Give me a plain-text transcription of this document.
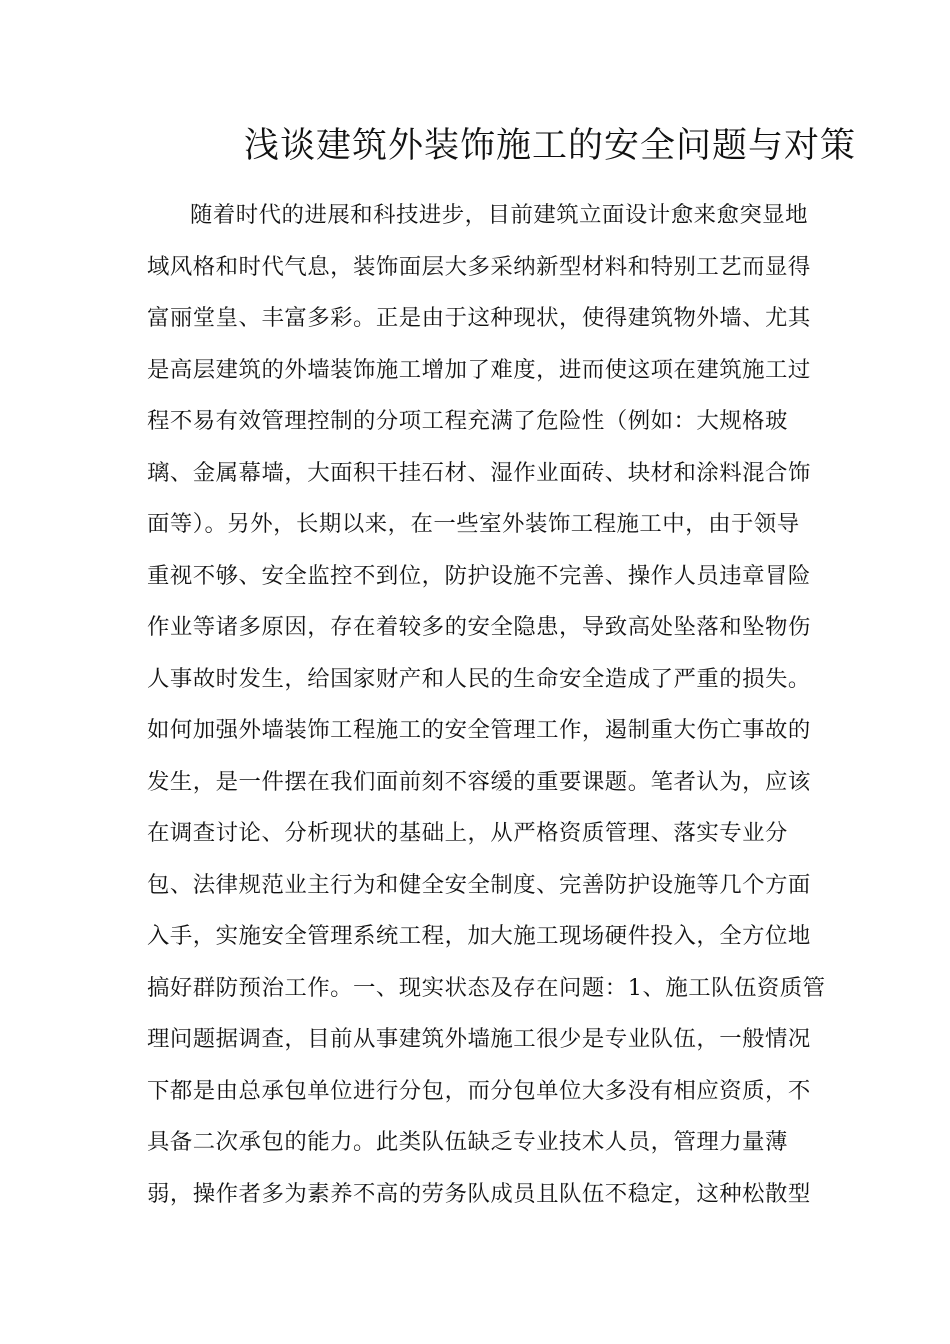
浅谈建筑外装饰施工的安全问题与对策
随着时代的进展和科技进步，目前建筑立面设计愈来愈突显地
域风格和时代气息，装饰面层大多采纳新型材料和特别工艺而显得
富丽堂皇、丰富多彩。正是由于这种现状，使得建筑物外墙、尤其
是高层建筑的外墙装饰施工增加了难度，进而使这项在建筑施工过
程不易有效管理控制的分项工程充满了危险性（例如：大规格玻
璃、金属幕墙，大面积干挂石材、湿作业面砖、块材和涂料混合饰
面等）。另外，长期以来，在一些室外装饰工程施工中，由于领导
重视不够、安全监控不到位，防护设施不完善、操作人员违章冒险
作业等诸多原因，存在着较多的安全隐患，导致高处坠落和坠物伤
人事故时发生，给国家财产和人民的生命安全造成了严重的损失。
如何加强外墙装饰工程施工的安全管理工作，遏制重大伤亡事故的
发生，是一件摆在我们面前刻不容缓的重要课题。笔者认为，应该
在调查讨论、分析现状的基础上，从严格资质管理、落实专业分
包、法律规范业主行为和健全安全制度、完善防护设施等几个方面
入手，实施安全管理系统工程，加大施工现场硬件投入，全方位地
搞好群防预治工作。一、现实状态及存在问题：1、施工队伍资质管
理问题据调查，目前从事建筑外墙施工很少是专业队伍，一般情况
下都是由总承包单位进行分包，而分包单位大多没有相应资质，不
具备二次承包的能力。此类队伍缺乏专业技术人员，管理力量薄
弱，操作者多为素养不高的劳务队成员且队伍不稳定，这种松散型
